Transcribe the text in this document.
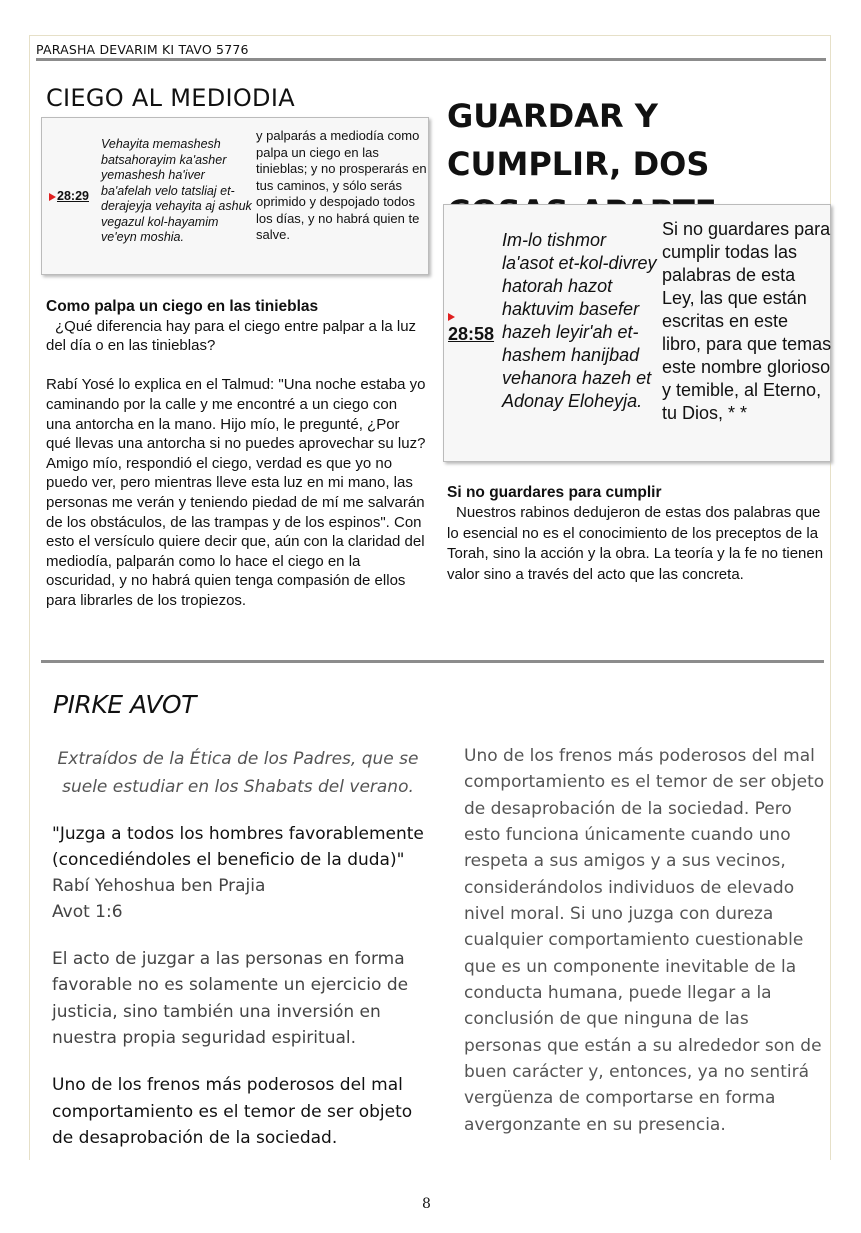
PARASHA DEVARIM KI TAVO 5776
CIEGO AL MEDIODIA
28:29
Vehayita memashesh batsahorayim ka'asher yemashesh ha'iver ba'afelah velo tatsliaj et-derajeyja vehayita aj ashuk vegazul kol-hayamim ve'eyn moshia.
y palparás a mediodía como palpa un ciego en las tinieblas; y no prosperarás en tus caminos, y sólo serás oprimido y despojado todos los días, y no habrá quien te salve.

Como palpa un ciego en las tinieblas

¿Qué diferencia hay para el ciego entre palpar a la luz del día o en las tinieblas?

Rabí Yosé lo explica en el Talmud: "Una noche estaba yo caminando por la calle y me encontré a un ciego con una antorcha en la mano. Hijo mío, le pregunté, ¿Por qué llevas una antorcha si no puedes aprovechar su luz? Amigo mío, respondió el ciego, verdad es que yo no puedo ver, pero mientras lleve esta luz en mi mano, las personas me verán y teniendo piedad de mí me salvarán de los obstáculos, de las trampas y de los espinos". Con esto el versículo quiere decir que, aún con la claridad del mediodía, palparán como lo hace el ciego en la oscuridad, y no habrá quien tenga compasión de ellos para librarles de los tropiezos.

GUARDAR Y CUMPLIR, DOS
28:58
Im-lo tishmor la'asot et-kol-divrey hatorah hazot haktuvim basefer hazeh leyir'ah et-hashem hanijbad vehanora hazeh et Adonay Eloheyja.
Si no guardares para cumplir todas las palabras de esta Ley, las que están escritas en este libro, para que temas este nombre glorioso y temible, al Eterno, tu Dios, * *

Si no guardares para cumplir

Nuestros rabinos dedujeron de estas dos palabras que lo esencial no es el conocimiento de los preceptos de la Torah, sino la acción y la obra. La teoría y la fe no tienen valor sino a través del acto que las concreta.

PIRKE AVOT
Extraídos de la Ética de los Padres, que se suele estudiar en los Shabats del verano.
"Juzga a todos los hombres favorablemente (concediéndoles el beneficio de la duda)"
Rabí Yehoshua ben Prajia
Avot 1:6

El acto de juzgar a las personas en forma favorable no es solamente un ejercicio de justicia, sino también una inversión en nuestra propia seguridad espiritual.

Uno de los frenos más poderosos del mal comportamiento es el temor de ser objeto de desaprobación de la sociedad.

Uno de los frenos más poderosos del mal comportamiento es el temor de ser objeto de desaprobación de la sociedad. Pero esto funciona únicamente cuando uno respeta a sus amigos y a sus vecinos, considerándolos individuos de elevado nivel moral. Si uno juzga con dureza cualquier comportamiento cuestionable que es un componente inevitable de la conducta humana, puede llegar a la conclusión de que ninguna de las personas que están a su alrededor son de buen carácter y, entonces, ya no sentirá vergüenza de comportarse en forma avergonzante en su presencia.

8
